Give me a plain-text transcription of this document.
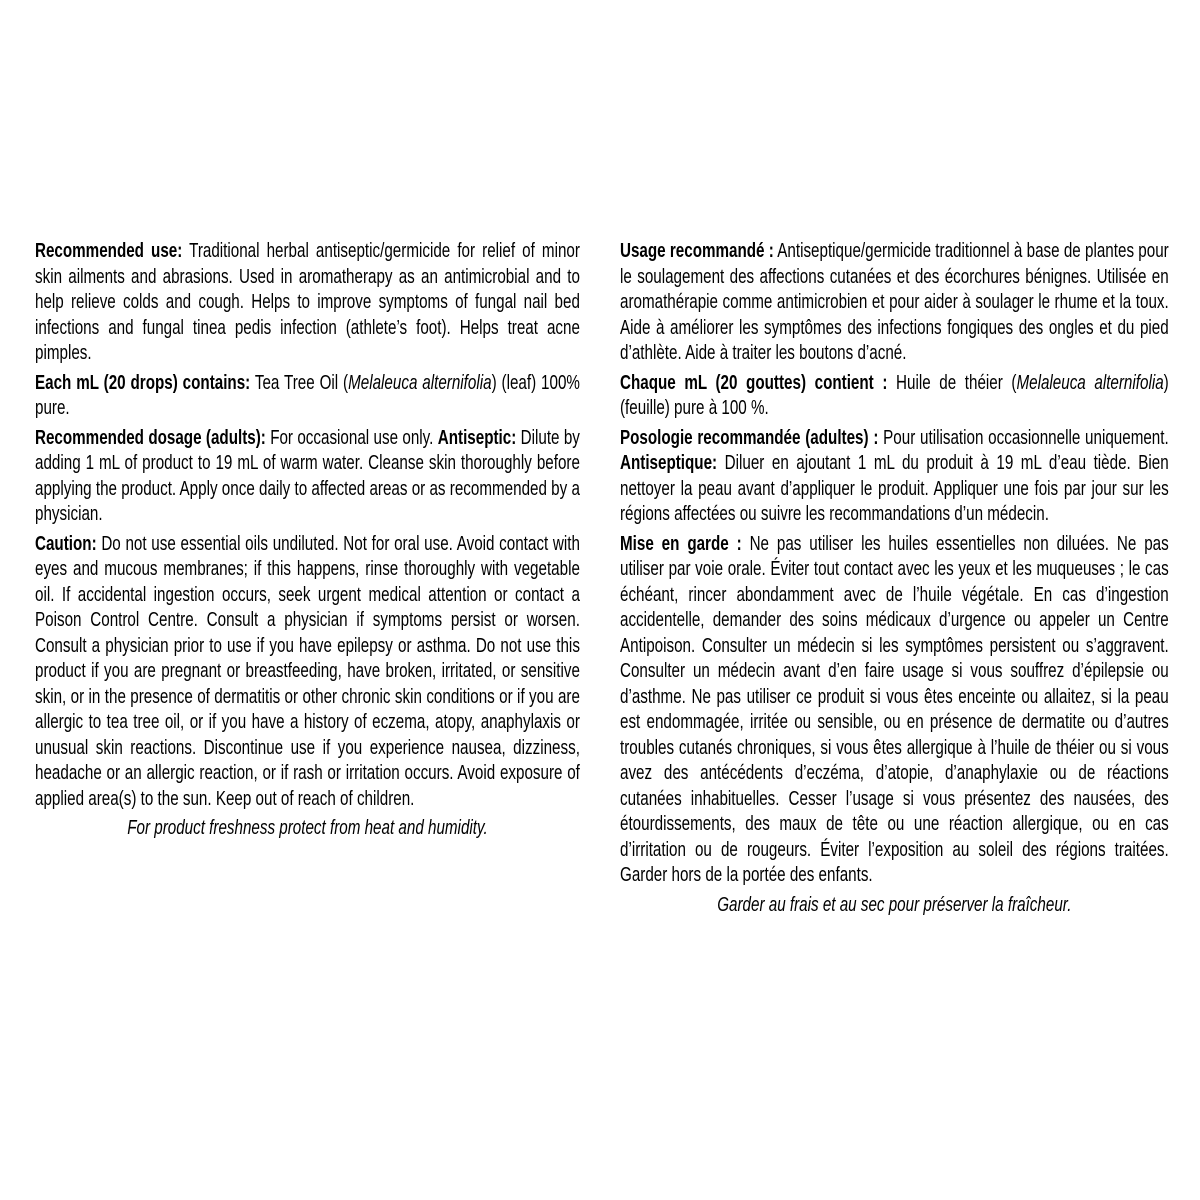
Recommended use: Traditional herbal antiseptic/germicide for relief of minor skin ailments and abrasions. Used in aromatherapy as an antimicrobial and to help relieve colds and cough. Helps to improve symptoms of fungal nail bed infections and fungal tinea pedis infection (athlete’s foot). Helps treat acne pimples.

Each mL (20 drops) contains: Tea Tree Oil (Melaleuca alternifolia) (leaf) 100% pure.

Recommended dosage (adults): For occasional use only. Antiseptic: Dilute by adding 1 mL of product to 19 mL of warm water. Cleanse skin thoroughly before applying the product. Apply once daily to affected areas or as recommended by a physician.

Caution: Do not use essential oils undiluted. Not for oral use. Avoid contact with eyes and mucous membranes; if this happens, rinse thoroughly with vegetable oil. If accidental ingestion occurs, seek urgent medical attention or contact a Poison Control Centre. Consult a physician if symptoms persist or worsen. Consult a physician prior to use if you have epilepsy or asthma. Do not use this product if you are pregnant or breastfeeding, have broken, irritated, or sensitive skin, or in the presence of dermatitis or other chronic skin conditions or if you are allergic to tea tree oil, or if you have a history of eczema, atopy, anaphylaxis or unusual skin reactions. Discontinue use if you experience nausea, dizziness, headache or an allergic reaction, or if rash or irritation occurs. Avoid exposure of applied area(s) to the sun. Keep out of reach of children.

For product freshness protect from heat and humidity.

Usage recommandé : Antiseptique/germicide traditionnel à base de plantes pour le soulagement des affections cutanées et des écorchures bénignes. Utilisée en aromathérapie comme antimicrobien et pour aider à soulager le rhume et la toux. Aide à améliorer les symptômes des infections fongiques des ongles et du pied d’athlète. Aide à traiter les boutons d’acné.

Chaque mL (20 gouttes) contient : Huile de théier (Melaleuca alternifolia) (feuille) pure à 100 %.

Posologie recommandée (adultes) : Pour utilisation occasionnelle uniquement. Antiseptique: Diluer en ajoutant 1 mL du produit à 19 mL d’eau tiède. Bien nettoyer la peau avant d’appliquer le produit. Appliquer une fois par jour sur les régions affectées ou suivre les recommandations d’un médecin.

Mise en garde : Ne pas utiliser les huiles essentielles non diluées. Ne pas utiliser par voie orale. Éviter tout contact avec les yeux et les muqueuses ; le cas échéant, rincer abondamment avec de l’huile végétale. En cas d’ingestion accidentelle, demander des soins médicaux d’urgence ou appeler un Centre Antipoison. Consulter un médecin si les symptômes persistent ou s’aggravent. Consulter un médecin avant d’en faire usage si vous souffrez d’épilepsie ou d’asthme. Ne pas utiliser ce produit si vous êtes enceinte ou allaitez, si la peau est endommagée, irritée ou sensible, ou en présence de dermatite ou d’autres troubles cutanés chroniques, si vous êtes allergique à l’huile de théier ou si vous avez des antécédents d’eczéma, d’atopie, d’anaphylaxie ou de réactions cutanées inhabituelles. Cesser l’usage si vous présentez des nausées, des étourdissements, des maux de tête ou une réaction allergique, ou en cas d’irritation ou de rougeurs. Éviter l’exposition au soleil des régions traitées. Garder hors de la portée des enfants.

Garder au frais et au sec pour préserver la fraîcheur.
